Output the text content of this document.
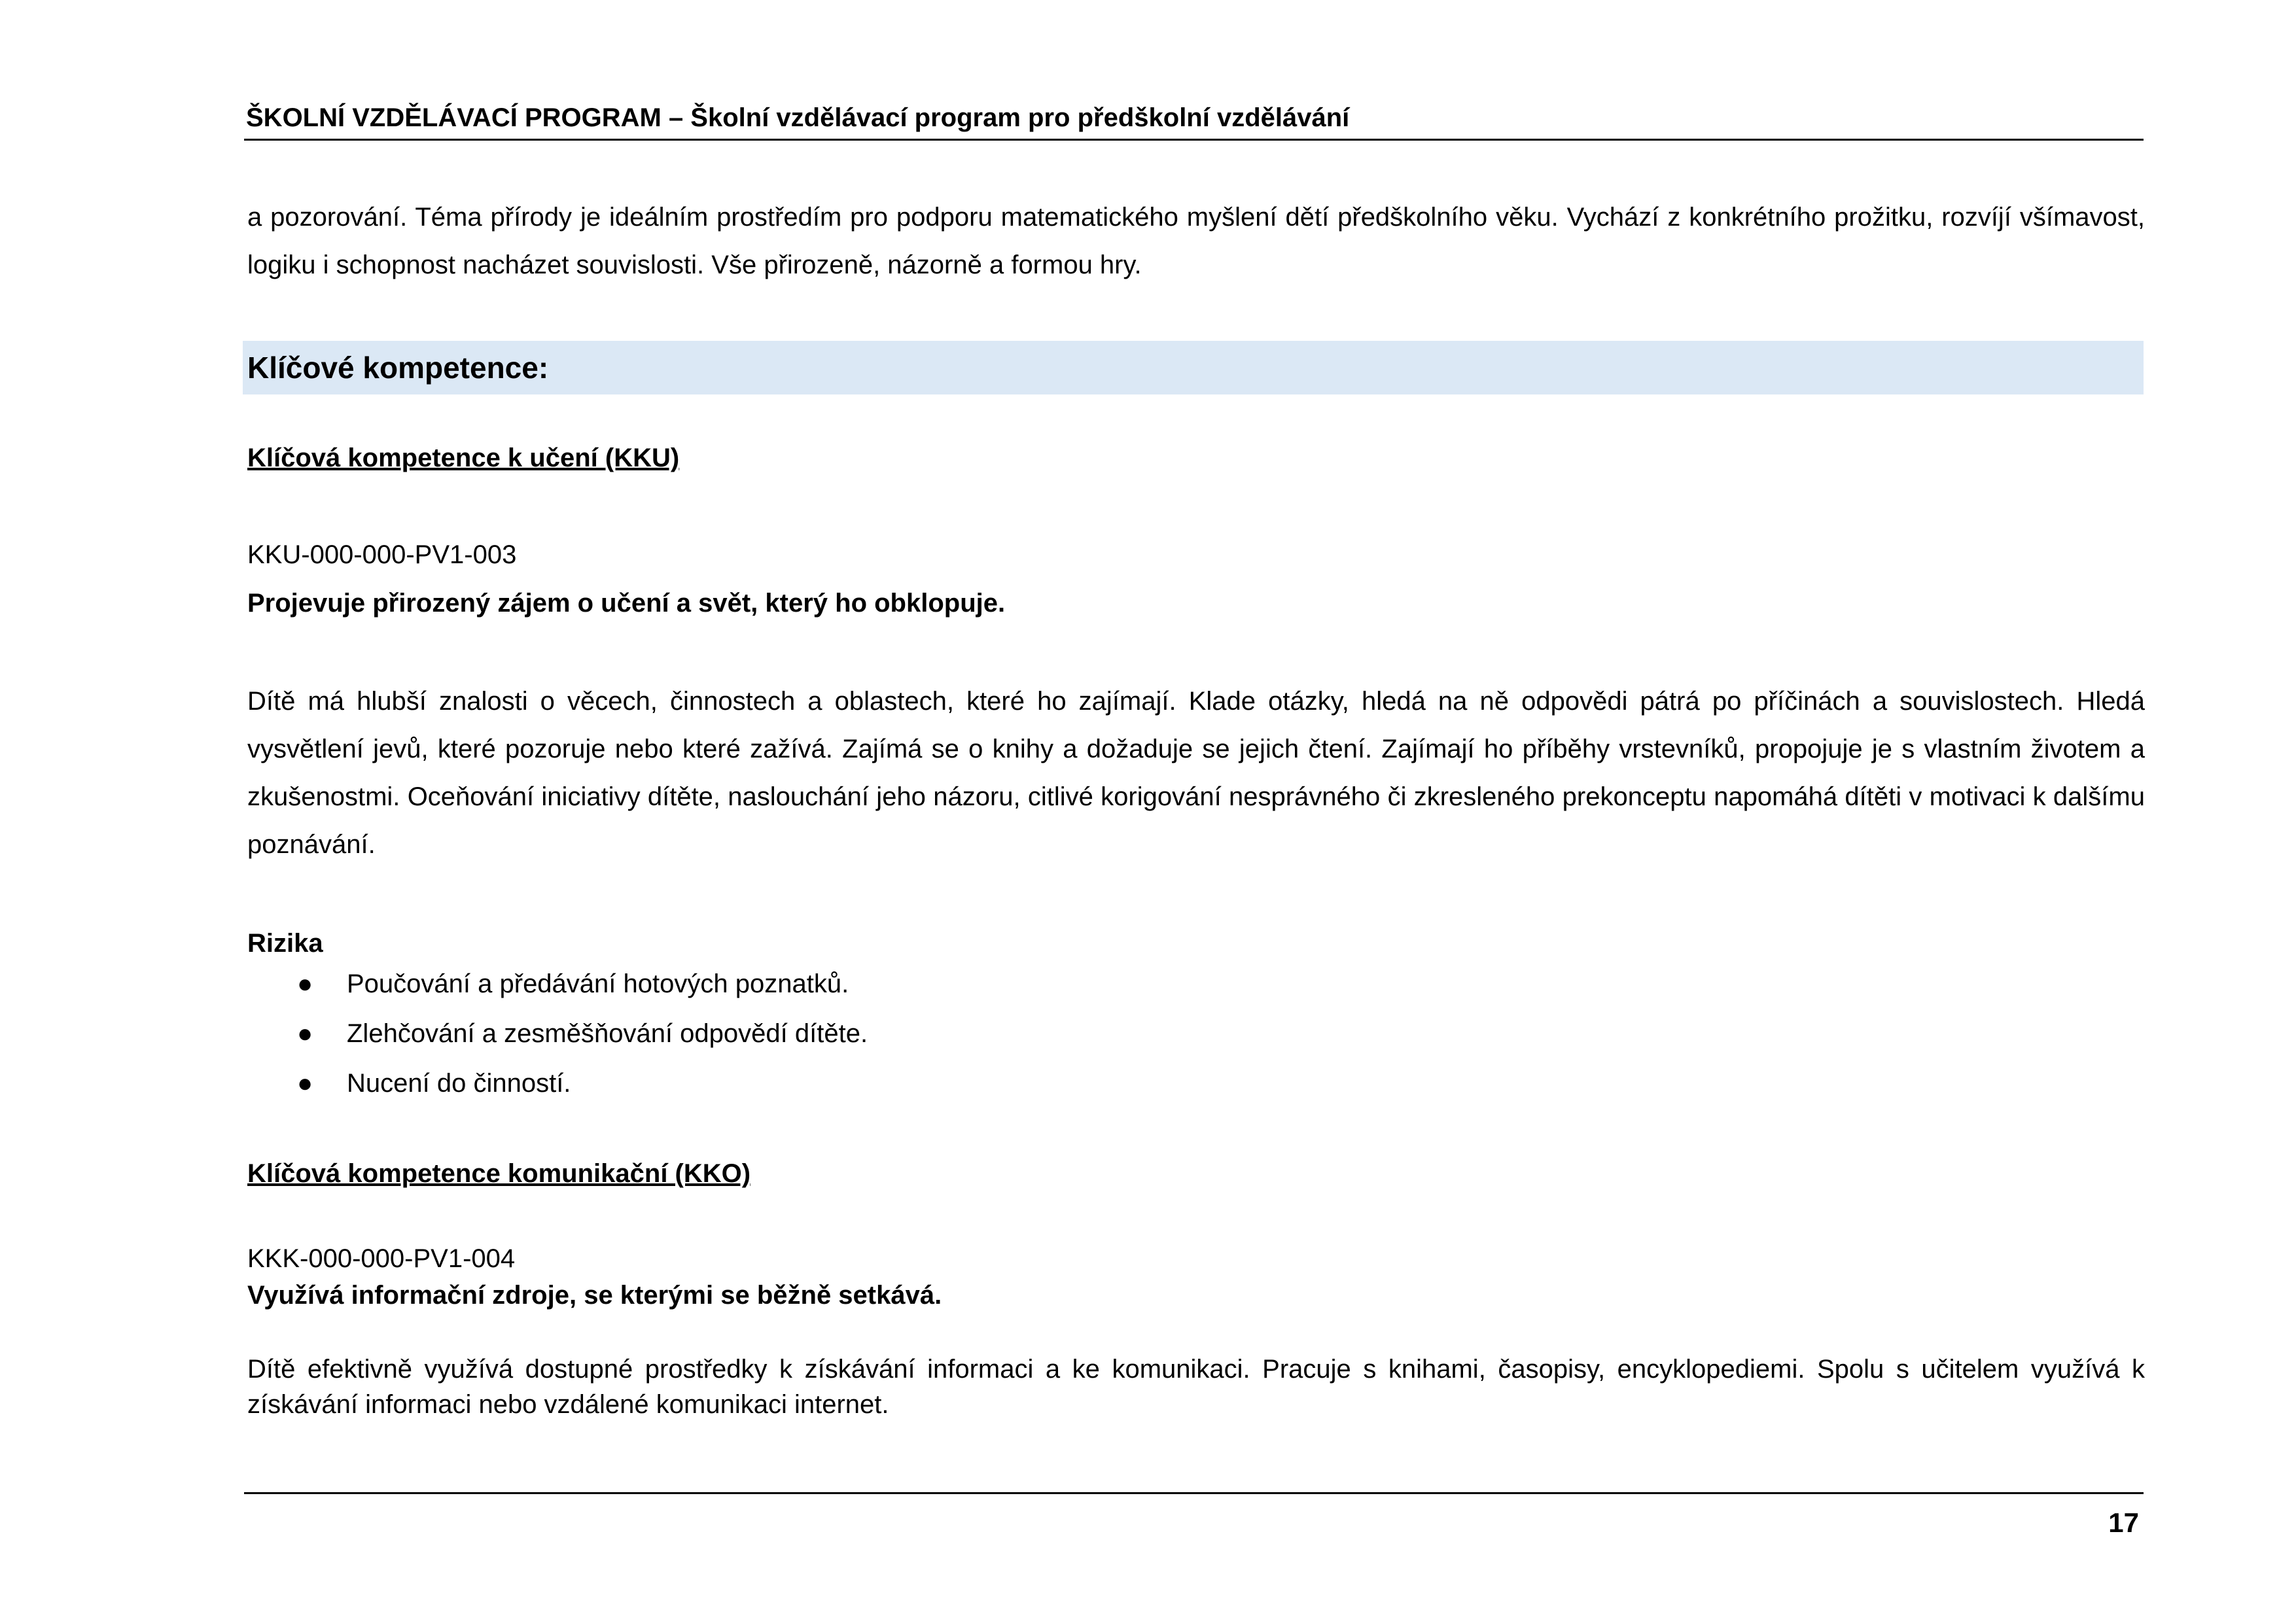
ŠKOLNÍ VZDĚLÁVACÍ PROGRAM – Školní vzdělávací program pro předškolní vzdělávání
a pozorování. Téma přírody je ideálním prostředím pro podporu matematického myšlení dětí předškolního věku. Vychází z konkrétního prožitku, rozvíjí všímavost, logiku i schopnost nacházet souvislosti. Vše přirozeně, názorně a formou hry.
Klíčové kompetence:
Klíčová kompetence k učení (KKU)
KKU-000-000-PV1-003
Projevuje přirozený zájem o učení a svět, který ho obklopuje.
Dítě má hlubší znalosti o věcech, činnostech a oblastech, které ho zajímají. Klade otázky, hledá na ně odpovědi pátrá po příčinách a souvislostech. Hledá vysvětlení jevů, které pozoruje nebo které zažívá. Zajímá se o knihy a dožaduje se jejich čtení. Zajímají ho příběhy vrstevníků, propojuje je s vlastním životem a zkušenostmi. Oceňování iniciativy dítěte, naslouchání jeho názoru, citlivé korigování nesprávného či zkresleného prekonceptu napomáhá dítěti v motivaci k dalšímu poznávání.
Rizika
● Poučování a předávání hotových poznatků.
● Zlehčování a zesměšňování odpovědí dítěte.
● Nucení do činností.
Klíčová kompetence komunikační (KKO)
KKK-000-000-PV1-004
Využívá informační zdroje, se kterými se běžně setkává.
Dítě efektivně využívá dostupné prostředky k získávání informaci a ke komunikaci. Pracuje s knihami, časopisy, encyklopediemi. Spolu s učitelem využívá k získávání informaci nebo vzdálené komunikaci internet.
17
